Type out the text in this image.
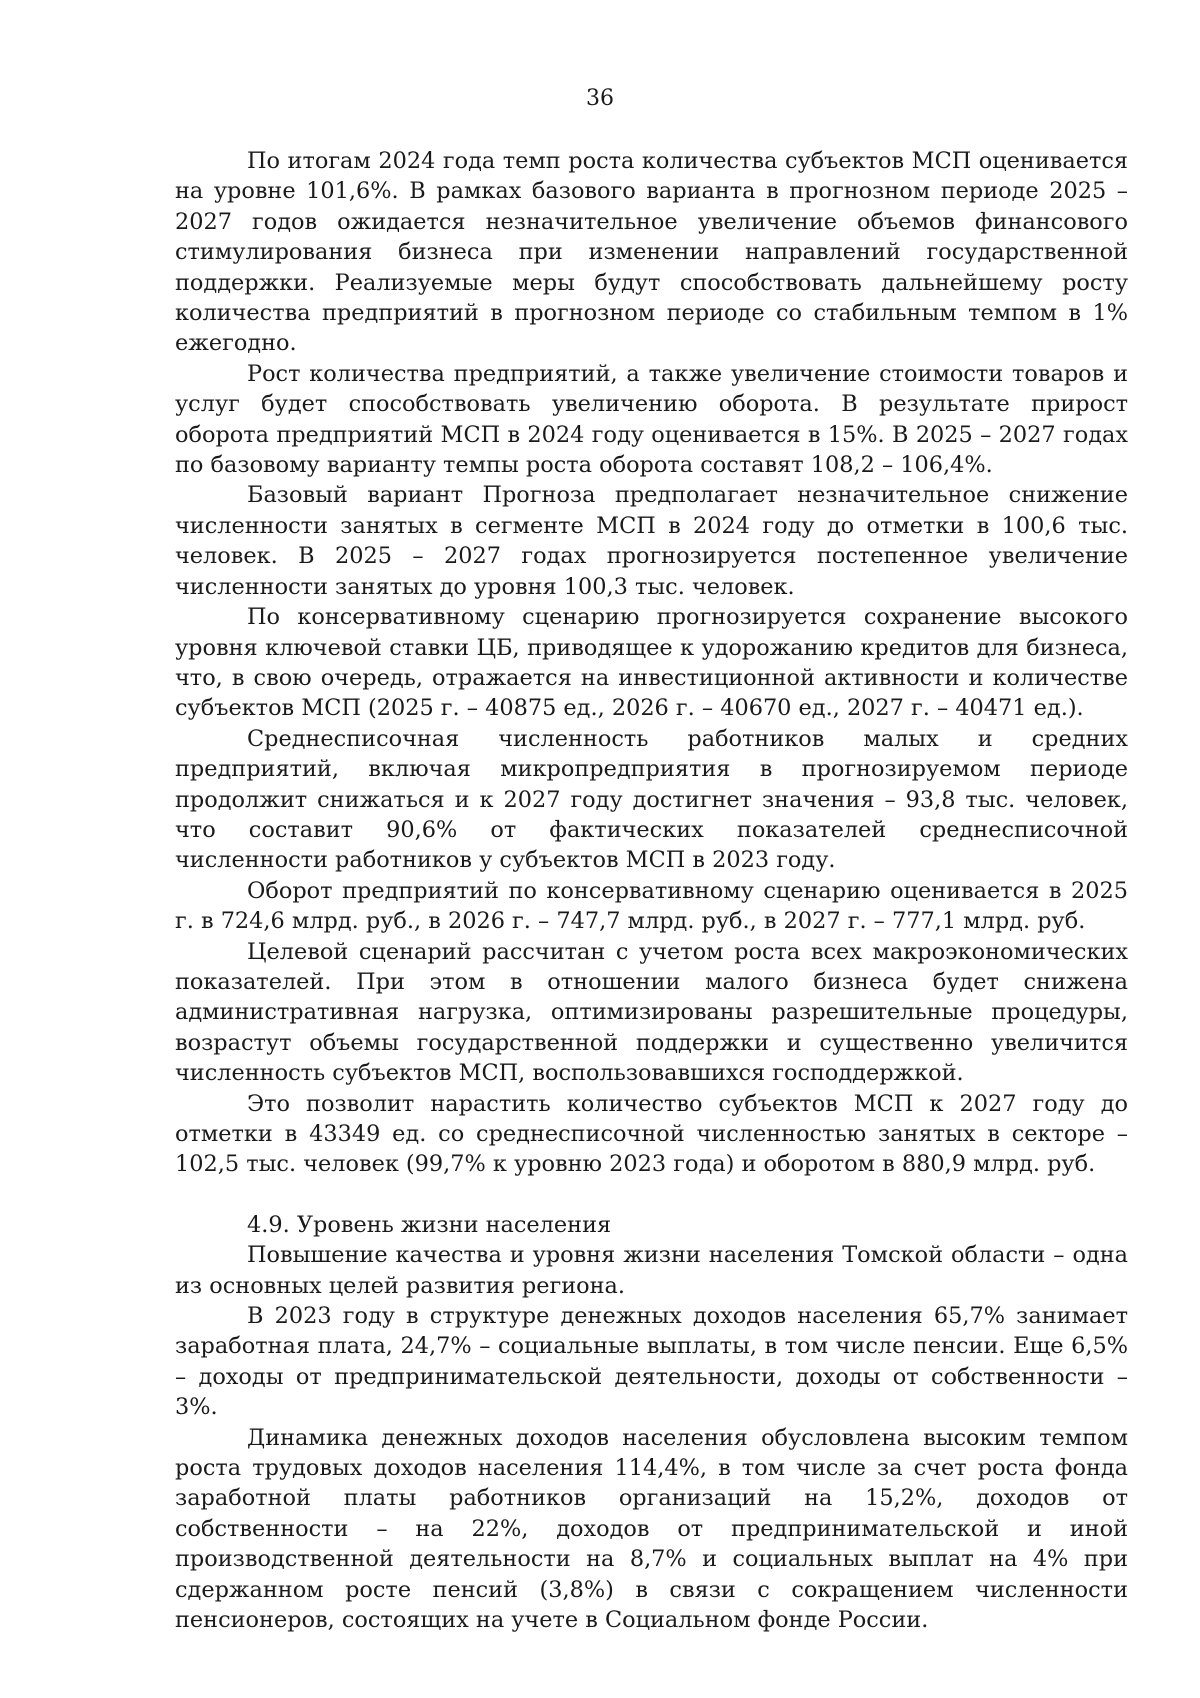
36

По итогам 2024 года темп роста количества субъектов МСП оценивается на уровне 101,6%. В рамках базового варианта в прогнозном периоде 2025 – 2027 годов ожидается незначительное увеличение объемов финансового стимулирования бизнеса при изменении направлений государственной поддержки. Реализуемые меры будут способствовать дальнейшему росту количества предприятий в прогнозном периоде со стабильным темпом в 1% ежегодно.

Рост количества предприятий, а также увеличение стоимости товаров и услуг будет способствовать увеличению оборота. В результате прирост оборота предприятий МСП в 2024 году оценивается в 15%. В 2025 – 2027 годах по базовому варианту темпы роста оборота составят 108,2 – 106,4%.

Базовый вариант Прогноза предполагает незначительное снижение численности занятых в сегменте МСП в 2024 году до отметки в 100,6 тыс. человек. В 2025 – 2027 годах прогнозируется постепенное увеличение численности занятых до уровня 100,3 тыс. человек.

По консервативному сценарию прогнозируется сохранение высокого уровня ключевой ставки ЦБ, приводящее к удорожанию кредитов для бизнеса, что, в свою очередь, отражается на инвестиционной активности и количестве субъектов МСП (2025 г. – 40875 ед., 2026 г. – 40670 ед., 2027 г. – 40471 ед.).

Среднесписочная численность работников малых и средних предприятий, включая микропредприятия в прогнозируемом периоде продолжит снижаться и к 2027 году достигнет значения – 93,8 тыс. человек, что составит 90,6% от фактических показателей среднесписочной численности работников у субъектов МСП в 2023 году.

Оборот предприятий по консервативному сценарию оценивается в 2025 г. в 724,6 млрд. руб., в 2026 г. – 747,7 млрд. руб., в 2027 г. – 777,1 млрд. руб.

Целевой сценарий рассчитан с учетом роста всех макроэкономических показателей. При этом в отношении малого бизнеса будет снижена административная нагрузка, оптимизированы разрешительные процедуры, возрастут объемы государственной поддержки и существенно увеличится численность субъектов МСП, воспользовавшихся господдержкой.

Это позволит нарастить количество субъектов МСП к 2027 году до отметки в 43349 ед. со среднесписочной численностью занятых в секторе – 102,5 тыс. человек (99,7% к уровню 2023 года) и оборотом в 880,9 млрд. руб.

4.9. Уровень жизни населения

Повышение качества и уровня жизни населения Томской области – одна из основных целей развития региона.

В 2023 году в структуре денежных доходов населения 65,7% занимает заработная плата, 24,7% – социальные выплаты, в том числе пенсии. Еще 6,5% – доходы от предпринимательской деятельности, доходы от собственности – 3%.

Динамика денежных доходов населения обусловлена высоким темпом роста трудовых доходов населения 114,4%, в том числе за счет роста фонда заработной платы работников организаций на 15,2%, доходов от собственности – на 22%, доходов от предпринимательской и иной производственной деятельности на 8,7% и социальных выплат на 4% при сдержанном росте пенсий (3,8%) в связи с сокращением численности пенсионеров, состоящих на учете в Социальном фонде России.
